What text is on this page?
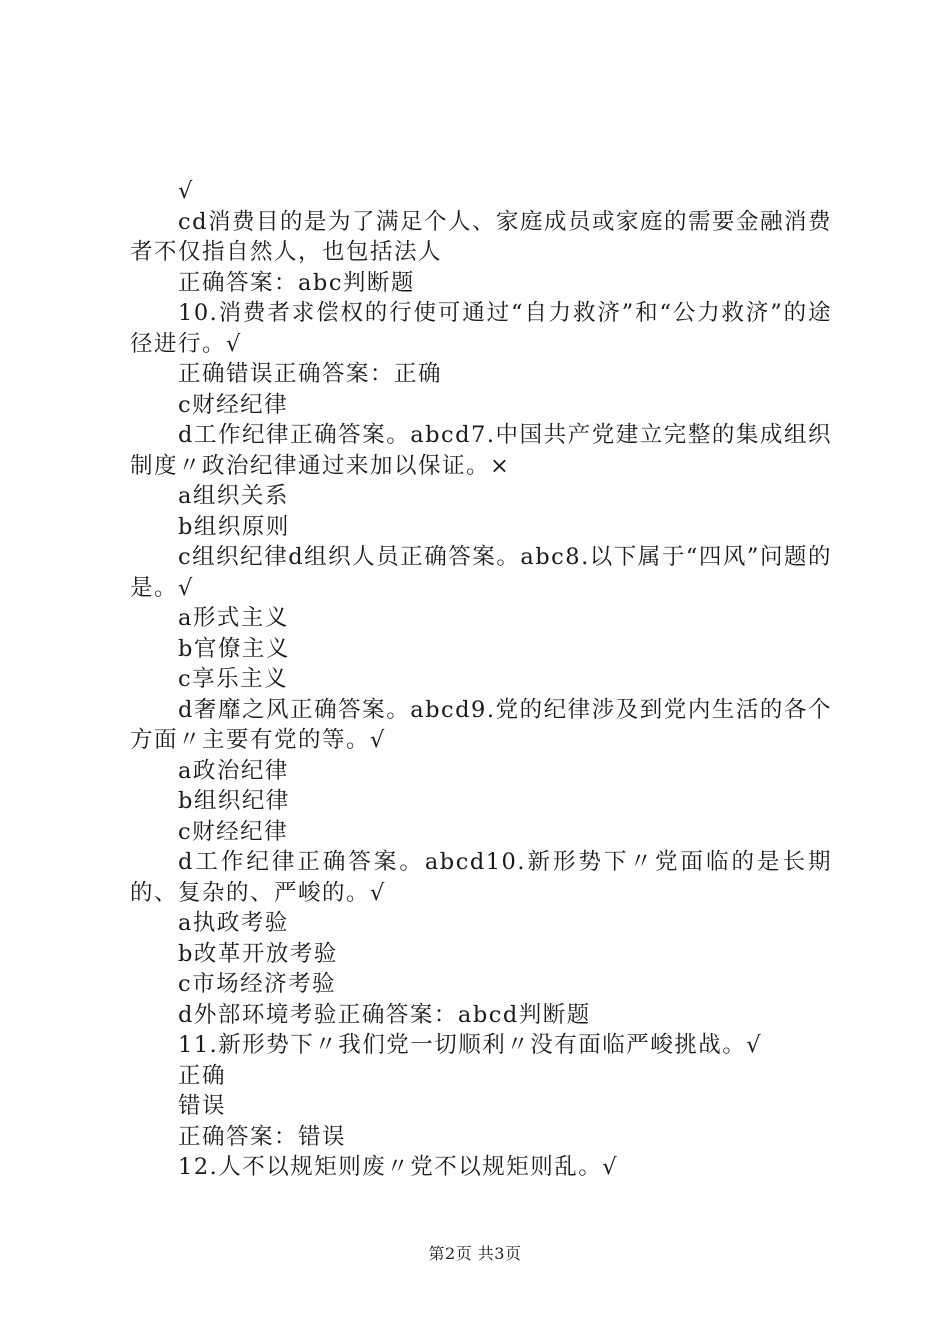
√

cd消费目的是为了满足个人、家庭成员或家庭的需要金融消费者不仅指自然人，也包括法人

正确答案：abc判断题

10.消费者求偿权的行使可通过“自力救济”和“公力救济”的途径进行。√

正确错误正确答案：正确

c财经纪律

d工作纪律正确答案。abcd7.中国共产党建立完整的集成组织制度〃政治纪律通过来加以保证。×

a组织关系

b组织原则

c组织纪律d组织人员正确答案。abc8.以下属于“四风”问题的是。√

a形式主义

b官僚主义

c享乐主义

d奢靡之风正确答案。abcd9.党的纪律涉及到党内生活的各个方面〃主要有党的等。√

a政治纪律

b组织纪律

c财经纪律

d工作纪律正确答案。abcd10.新形势下〃党面临的是长期的、复杂的、严峻的。√

a执政考验

b改革开放考验

c市场经济考验

d外部环境考验正确答案：abcd判断题

11.新形势下〃我们党一切顺利〃没有面临严峻挑战。√

正确

错误

正确答案：错误

12.人不以规矩则废〃党不以规矩则乱。√

第2页 共3页
